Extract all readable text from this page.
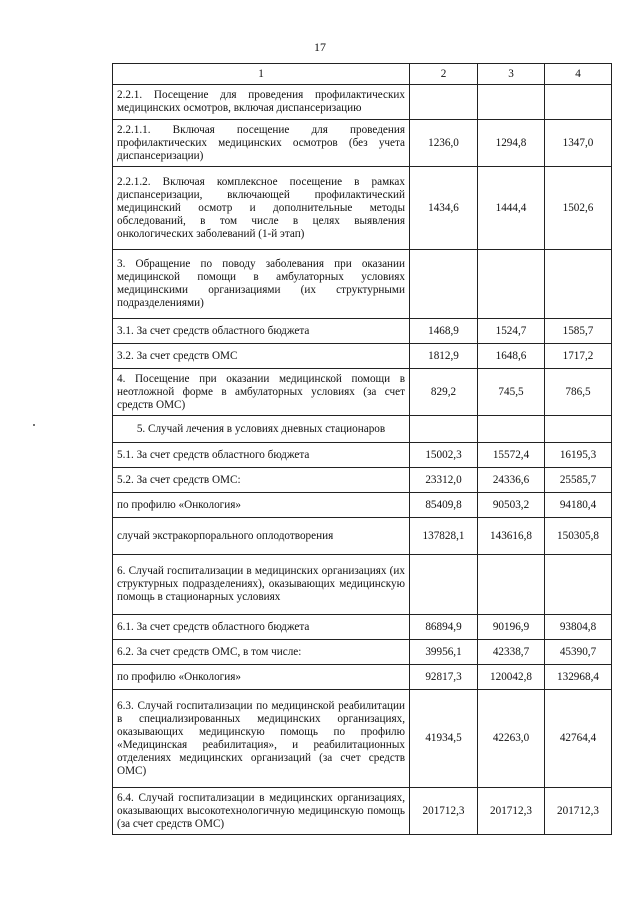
17
1	2	3	4
2.2.1. Посещение для проведения профилактических медицинских осмотров, включая диспансеризацию			
2.2.1.1. Включая посещение для проведения профилактических медицинских осмотров (без учета диспансеризации)	1236,0	1294,8	1347,0
2.2.1.2. Включая комплексное посещение в рамках диспансеризации, включающей профилактический медицинский осмотр и дополнительные методы обследований, в том числе в целях выявления онкологических заболеваний (1-й этап)	1434,6	1444,4	1502,6
3. Обращение по поводу заболевания при оказании медицинской помощи в амбулаторных условиях медицинскими организациями (их структурными подразделениями)			
3.1. За счет средств областного бюджета	1468,9	1524,7	1585,7
3.2. За счет средств ОМС	1812,9	1648,6	1717,2
4. Посещение при оказании медицинской помощи в неотложной форме в амбулаторных условиях (за счет средств ОМС)	829,2	745,5	786,5
5. Случай лечения в условиях дневных стационаров			
5.1. За счет средств областного бюджета	15002,3	15572,4	16195,3
5.2. За счет средств ОМС:	23312,0	24336,6	25585,7
по профилю «Онкология»	85409,8	90503,2	94180,4
случай экстракорпорального оплодотворения	137828,1	143616,8	150305,8
6. Случай госпитализации в медицинских организациях (их структурных подразделениях), оказывающих медицинскую помощь в стационарных условиях			
6.1. За счет средств областного бюджета	86894,9	90196,9	93804,8
6.2. За счет средств ОМС, в том числе:	39956,1	42338,7	45390,7
по профилю «Онкология»	92817,3	120042,8	132968,4
6.3. Случай госпитализации по медицинской реабилитации в специализированных медицинских организациях, оказывающих медицинскую помощь по профилю «Медицинская реабилитация», и реабилитационных отделениях медицинских организаций (за счет средств ОМС)	41934,5	42263,0	42764,4
6.4. Случай госпитализации в медицинских организациях, оказывающих высокотехнологичную медицинскую помощь (за счет средств ОМС)	201712,3	201712,3	201712,3
